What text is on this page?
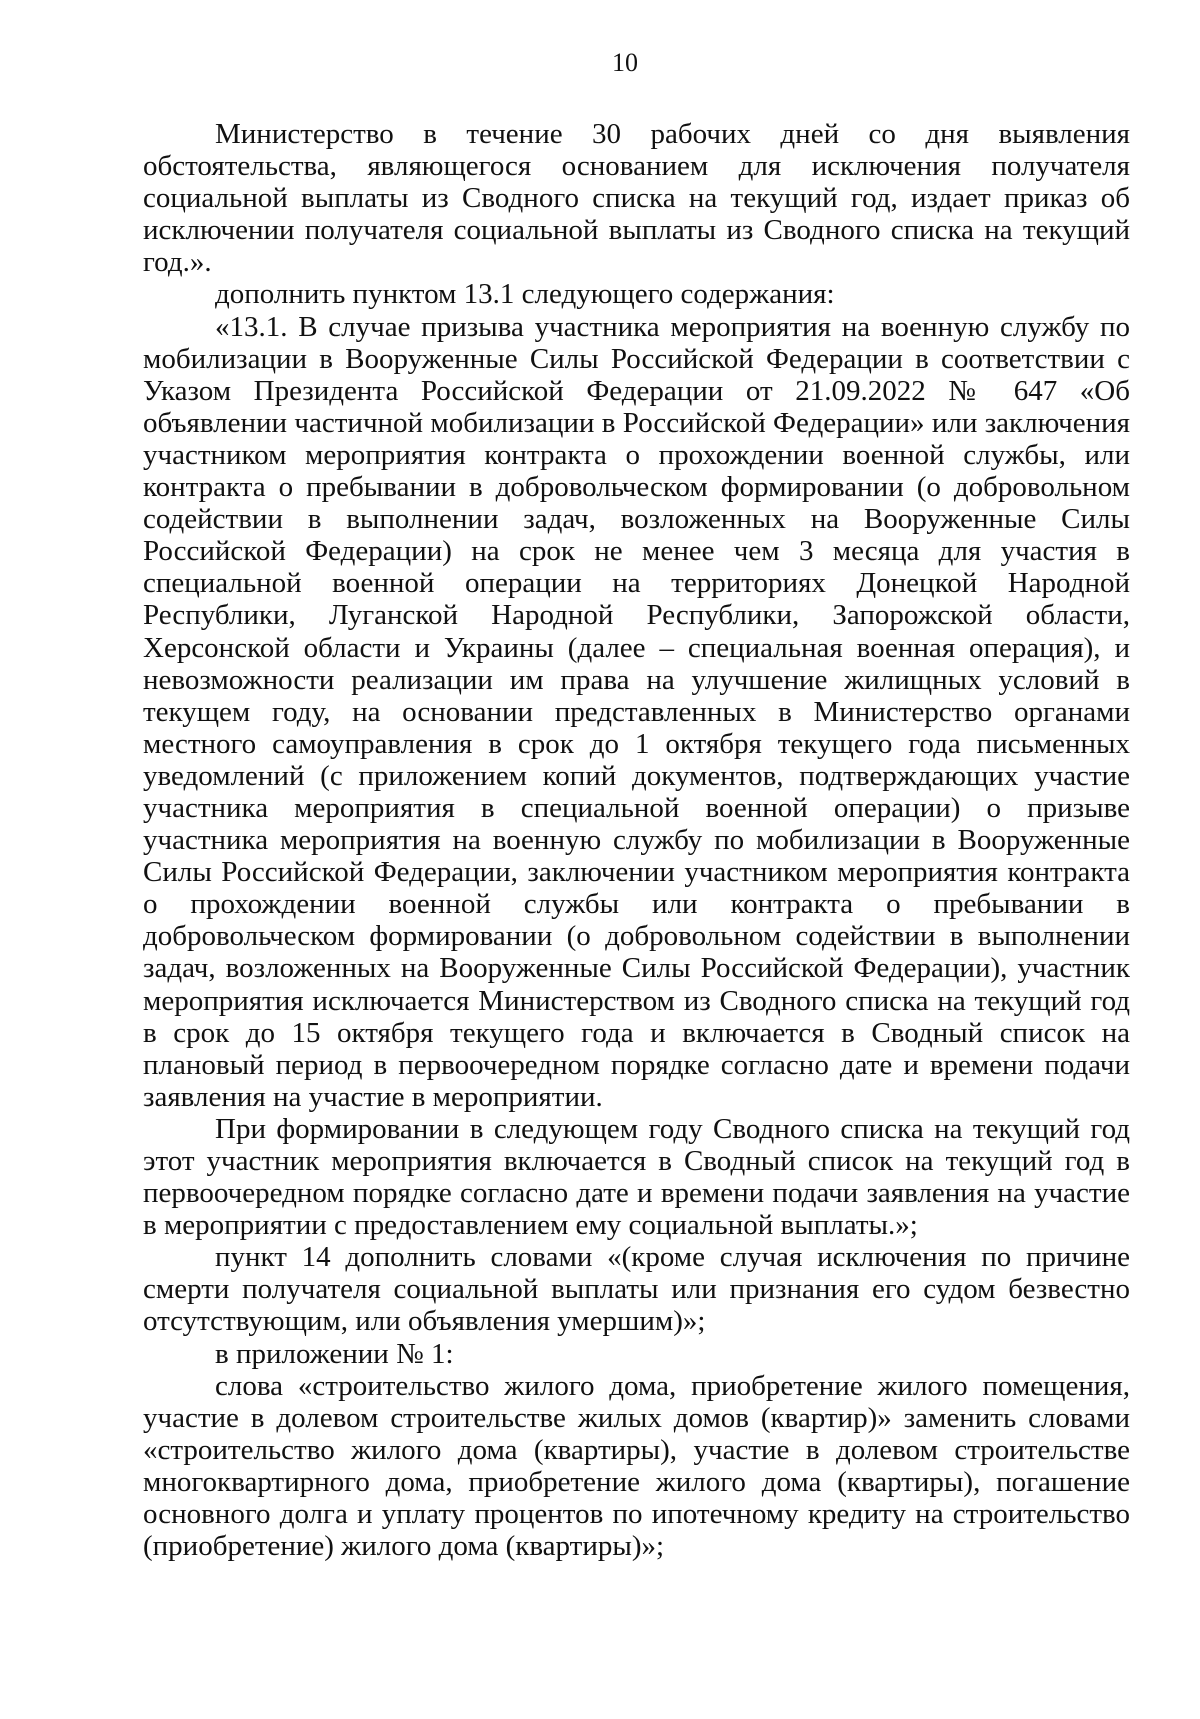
10

Министерство в течение 30 рабочих дней со дня выявления обстоятельства, являющегося основанием для исключения получателя социальной выплаты из Сводного списка на текущий год, издает приказ об исключении получателя социальной выплаты из Сводного списка на текущий год.».

дополнить пунктом 13.1 следующего содержания:

«13.1. В случае призыва участника мероприятия на военную службу по мобилизации в Вооруженные Силы Российской Федерации в соответствии с Указом Президента Российской Федерации от 21.09.2022 № 647 «Об объявлении частичной мобилизации в Российской Федерации» или заключения участником мероприятия контракта о прохождении военной службы, или контракта о пребывании в добровольческом формировании (о добровольном содействии в выполнении задач, возложенных на Вооруженные Силы Российской Федерации) на срок не менее чем 3 месяца для участия в специальной военной операции на территориях Донецкой Народной Республики, Луганской Народной Республики, Запорожской области, Херсонской области и Украины (далее – специальная военная операция), и невозможности реализации им права на улучшение жилищных условий в текущем году, на основании представленных в Министерство органами местного самоуправления в срок до 1 октября текущего года письменных уведомлений (с приложением копий документов, подтверждающих участие участника мероприятия в специальной военной операции) о призыве участника мероприятия на военную службу по мобилизации в Вооруженные Силы Российской Федерации, заключении участником мероприятия контракта о прохождении военной службы или контракта о пребывании в добровольческом формировании (о добровольном содействии в выполнении задач, возложенных на Вооруженные Силы Российской Федерации), участник мероприятия исключается Министерством из Сводного списка на текущий год в срок до 15 октября текущего года и включается в Сводный список на плановый период в первоочередном порядке согласно дате и времени подачи заявления на участие в мероприятии.

При формировании в следующем году Сводного списка на текущий год этот участник мероприятия включается в Сводный список на текущий год в первоочередном порядке согласно дате и времени подачи заявления на участие в мероприятии с предоставлением ему социальной выплаты.»;

пункт 14 дополнить словами «(кроме случая исключения по причине смерти получателя социальной выплаты или признания его судом безвестно отсутствующим, или объявления умершим)»;

в приложении № 1:

слова «строительство жилого дома, приобретение жилого помещения, участие в долевом строительстве жилых домов (квартир)» заменить словами «строительство жилого дома (квартиры), участие в долевом строительстве многоквартирного дома, приобретение жилого дома (квартиры), погашение основного долга и уплату процентов по ипотечному кредиту на строительство (приобретение) жилого дома (квартиры)»;
